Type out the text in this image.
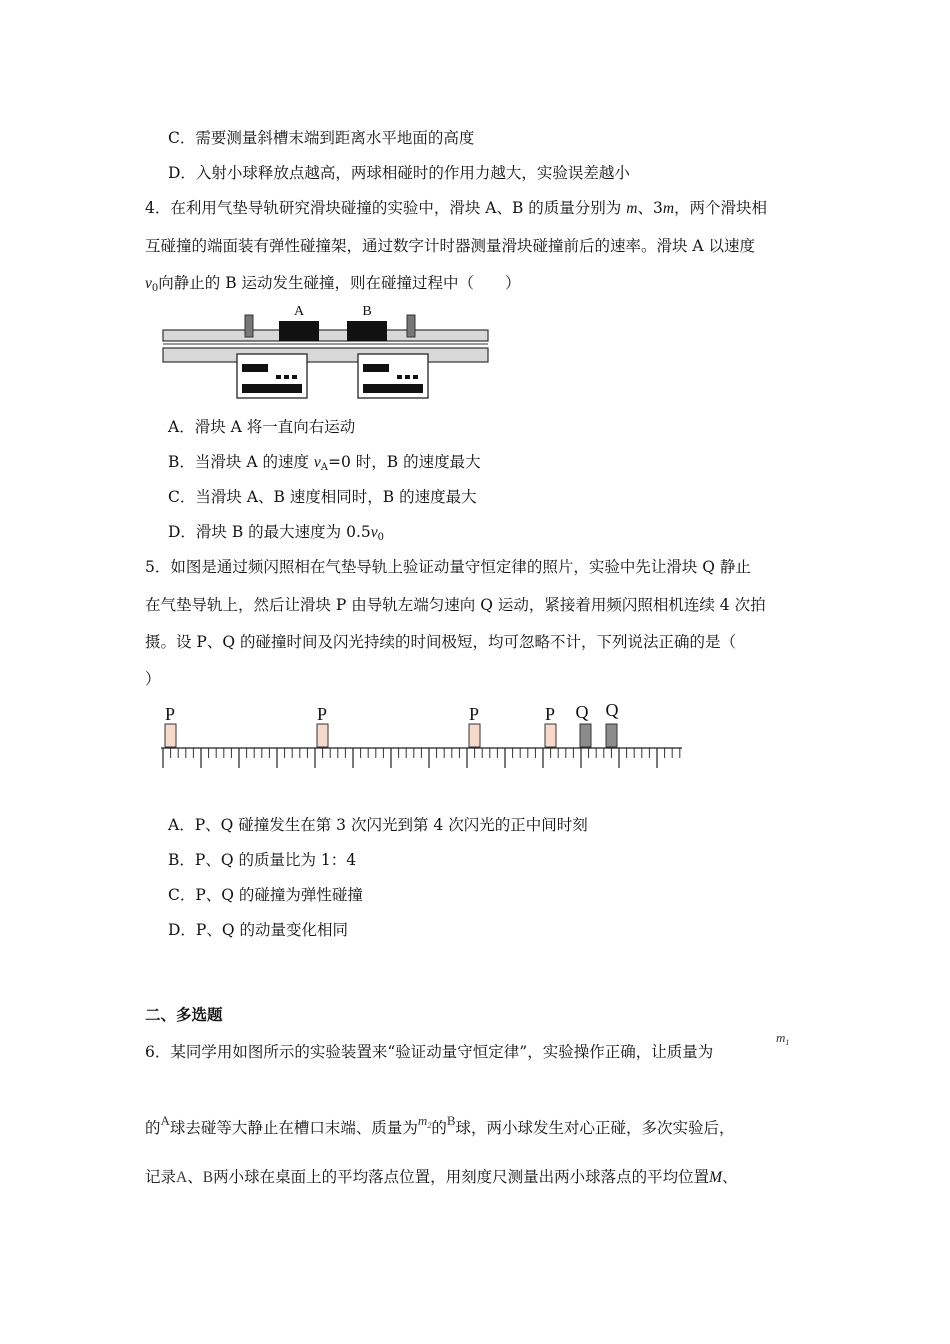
C．需要测量斜槽末端到距离水平地面的高度
D．入射小球释放点越高，两球相碰时的作用力越大，实验误差越小
4．在利用气垫导轨研究滑块碰撞的实验中，滑块 A、B 的质量分别为 m、3m，两个滑块相
互碰撞的端面装有弹性碰撞架，通过数字计时器测量滑块碰撞前后的速率。滑块 A 以速度
$v_0$向静止的 B 运动发生碰撞，则在碰撞过程中（　　）
A	B
A．滑块 A 将一直向右运动
B．当滑块 A 的速度 $v_A=0$ 时，B 的速度最大
C．当滑块 A、B 速度相同时，B 的速度最大
D．滑块 B 的最大速度为 $0.5v_0$
5．如图是通过频闪照相在气垫导轨上验证动量守恒定律的照片，实验中先让滑块 Q 静止
在气垫导轨上，然后让滑块 P 由导轨左端匀速向 Q 运动，紧接着用频闪照相机连续 4 次拍
摄。设 P、Q 的碰撞时间及闪光持续的时间极短，均可忽略不计，下列说法正确的是（
）
P	P	P	P Q Q
A．P、Q 碰撞发生在第 3 次闪光到第 4 次闪光的正中间时刻
B．P、Q 的质量比为 1：4
C．P、Q 的碰撞为弹性碰撞
D．P、Q 的动量变化相同
二、多选题
6．某同学用如图所示的实验装置来“验证动量守恒定律”，实验操作正确，让质量为
$m_1$
的$^A$球去碰等大静止在槽口末端、质量为$^{m_2}$的$^B$球，两小球发生对心正碰，多次实验后，
记录A、B两小球在桌面上的平均落点位置，用刻度尺测量出两小球落点的平均位置M、
